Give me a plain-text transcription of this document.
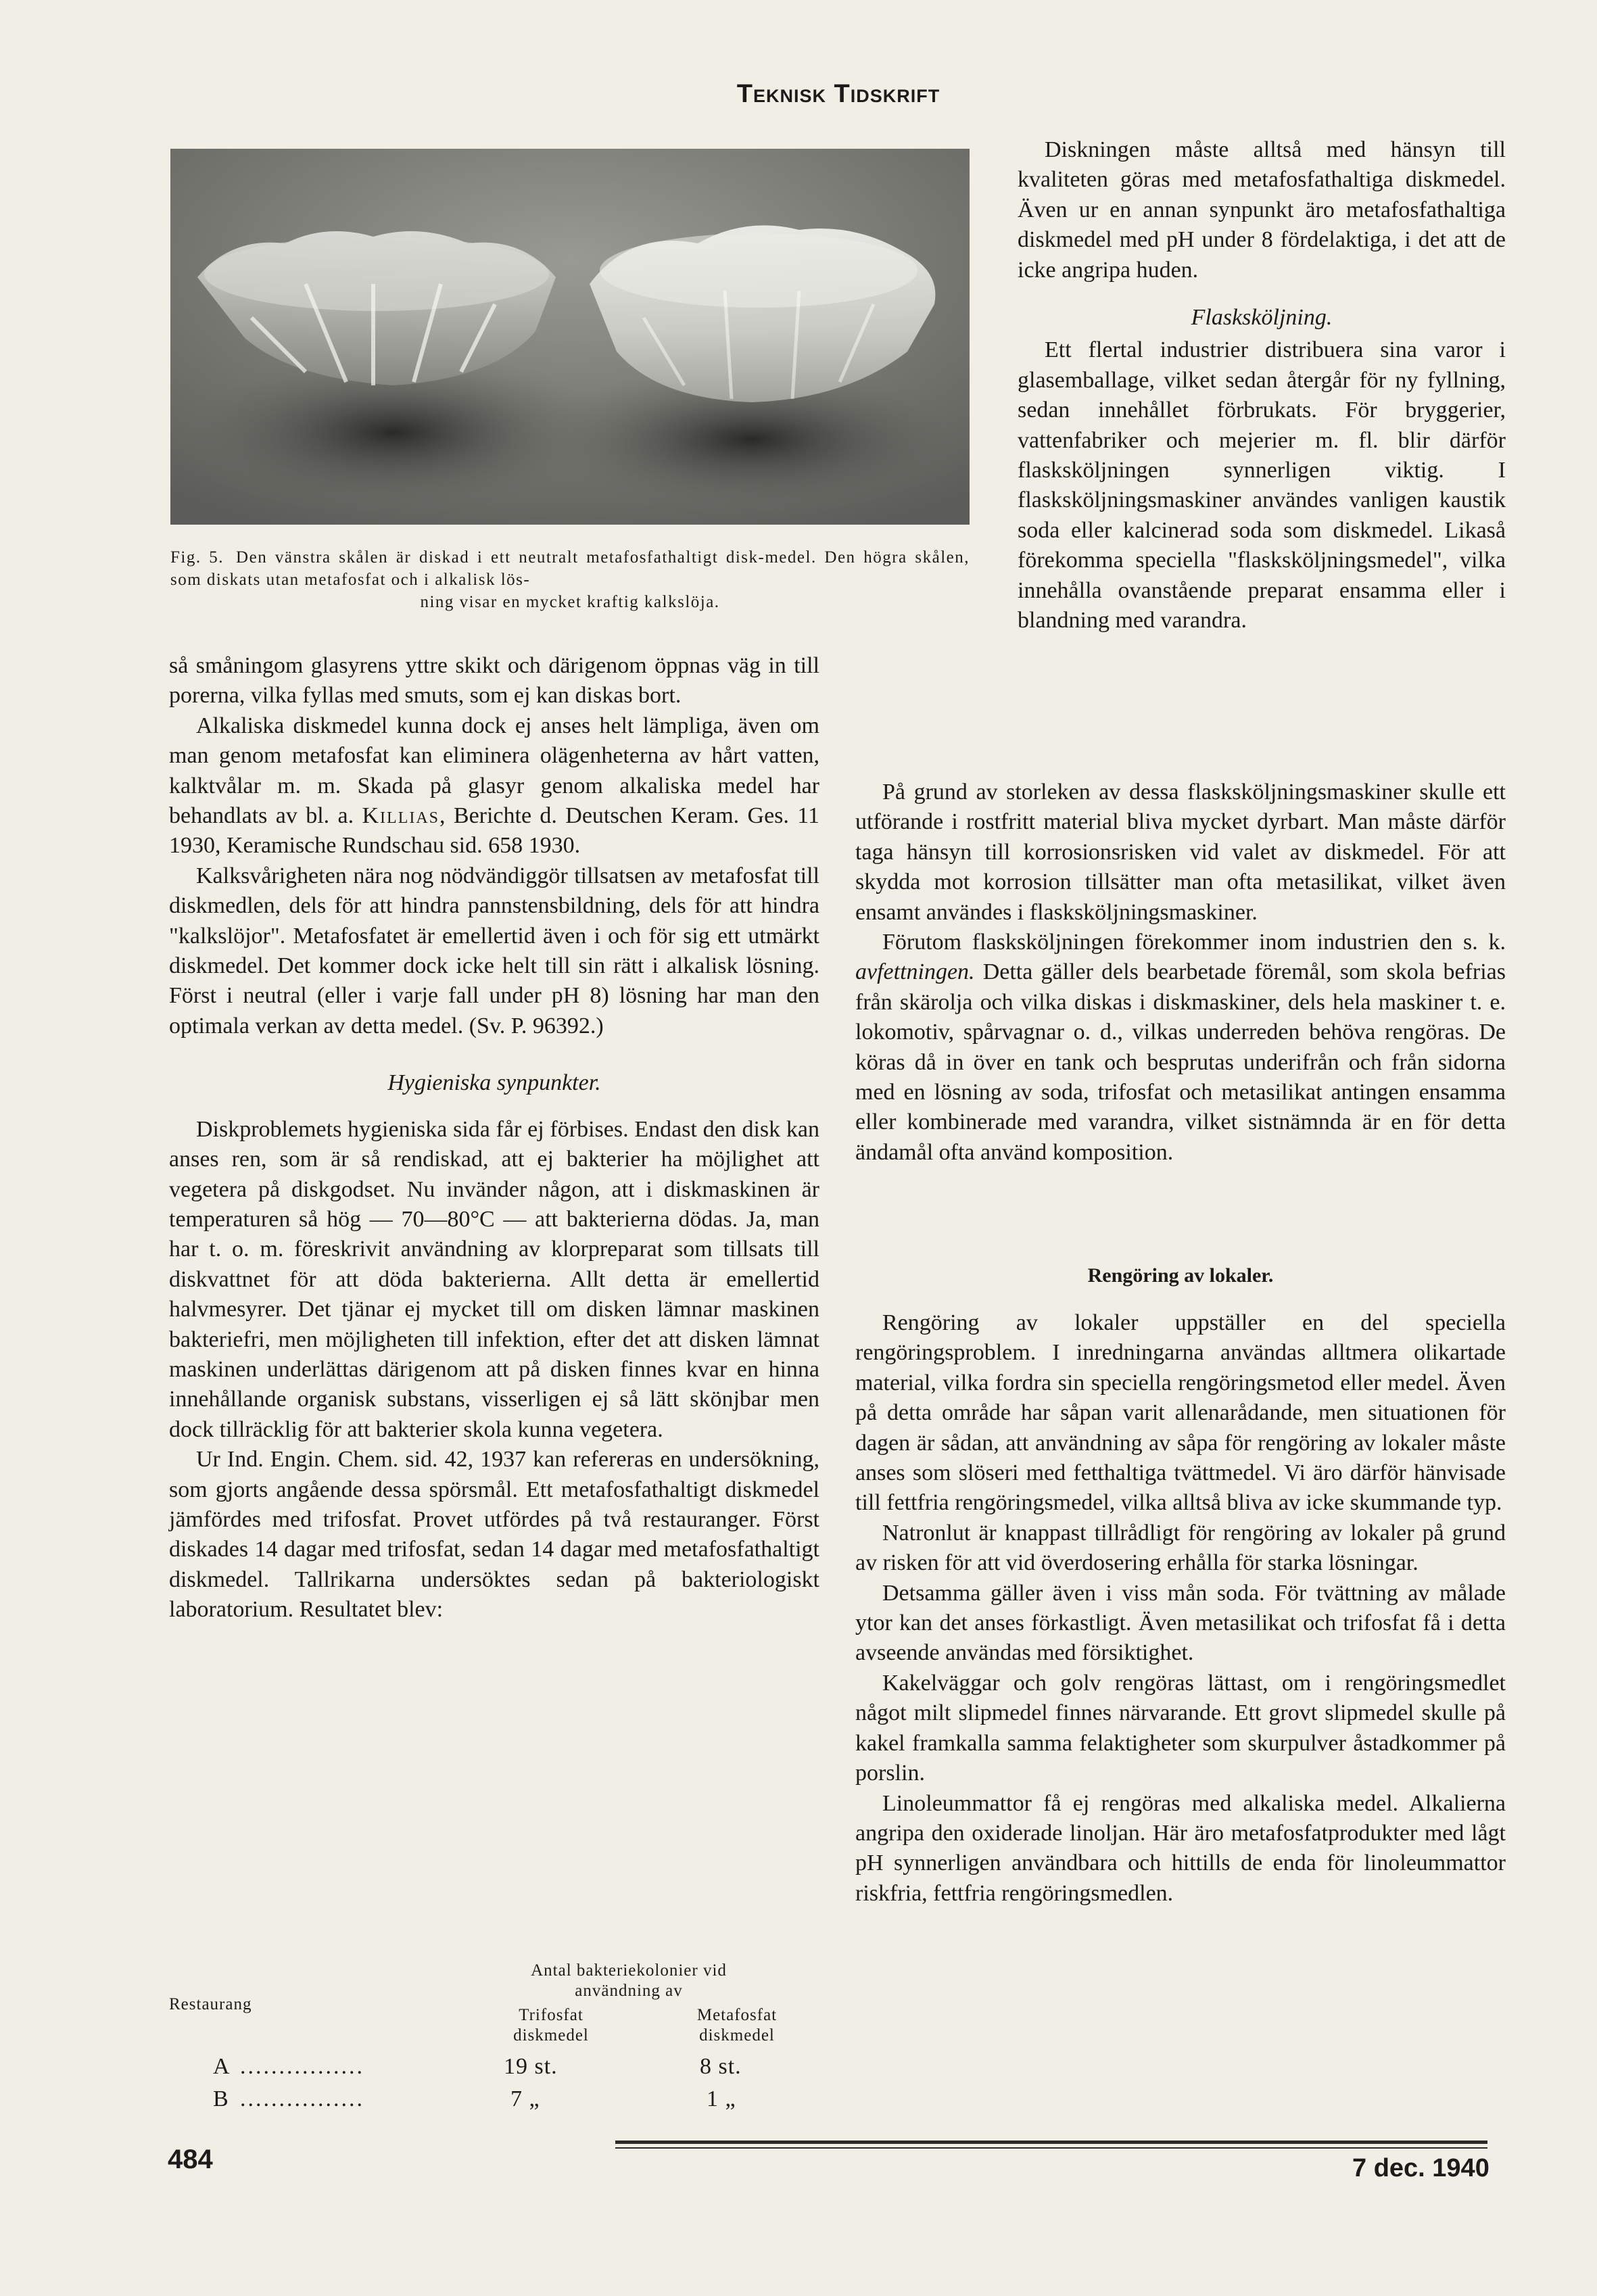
Teknisk Tidskrift
Fig. 5. Den vänstra skålen är diskad i ett neutralt metafosfathaltigt disk-medel. Den högra skålen, som diskats utan metafosfat och i alkalisk lös-
ning visar en mycket kraftig kalkslöja.

så småningom glasyrens yttre skikt och därigenom öppnas väg in till porerna, vilka fyllas med smuts, som ej kan diskas bort.

Alkaliska diskmedel kunna dock ej anses helt lämpliga, även om man genom metafosfat kan eliminera olägenheterna av hårt vatten, kalktvålar m. m. Skada på glasyr genom alkaliska medel har behandlats av bl. a. Killias, Berichte d. Deutschen Keram. Ges. 11 1930, Keramische Rundschau sid. 658 1930.

Kalksvårigheten nära nog nödvändiggör tillsatsen av metafosfat till diskmedlen, dels för att hindra pannstensbildning, dels för att hindra "kalkslöjor". Metafosfatet är emellertid även i och för sig ett utmärkt diskmedel. Det kommer dock icke helt till sin rätt i alkalisk lösning. Först i neutral (eller i varje fall under pH 8) lösning har man den optimala verkan av detta medel. (Sv. P. 96392.)

Hygieniska synpunkter.

Diskproblemets hygieniska sida får ej förbises. Endast den disk kan anses ren, som är så rendiskad, att ej bakterier ha möjlighet att vegetera på diskgodset. Nu invänder någon, att i diskmaskinen är temperaturen så hög — 70—80°C — att bakterierna dödas. Ja, man har t. o. m. föreskrivit användning av klorpreparat som tillsats till diskvattnet för att döda bakterierna. Allt detta är emellertid halvmesyrer. Det tjänar ej mycket till om disken lämnar maskinen bakteriefri, men möjligheten till infektion, efter det att disken lämnat maskinen underlättas därigenom att på disken finnes kvar en hinna innehållande organisk substans, visserligen ej så lätt skönjbar men dock tillräcklig för att bakterier skola kunna vegetera.

Ur Ind. Engin. Chem. sid. 42, 1937 kan refereras en undersökning, som gjorts angående dessa spörsmål. Ett metafosfathaltigt diskmedel jämfördes med trifosfat. Provet utfördes på två restauranger. Först diskades 14 dagar med trifosfat, sedan 14 dagar med metafosfathaltigt diskmedel. Tallrikarna undersöktes sedan på bakteriologiskt laboratorium. Resultatet blev:

Restaurang
Antal bakteriekolonier vid
användning av
Trifosfat
diskmedel
Metafosfat
diskmedel
A ................	19 st.	8 st.
B ................	7 „	1 „

Diskningen måste alltså med hänsyn till kvaliteten göras med metafosfathaltiga diskmedel. Även ur en annan synpunkt äro metafosfathaltiga diskmedel med pH under 8 fördelaktiga, i det att de icke angripa huden.

Flasksköljning.

Ett flertal industrier distribuera sina varor i glasemballage, vilket sedan återgår för ny fyllning, sedan innehållet förbrukats. För bryggerier, vattenfabriker och mejerier m. fl. blir därför flaskskölјningen synnerligen viktig. I flaskskölјningsmaskiner användes vanligen kaustik soda eller kalcinerad soda som diskmedel. Likaså förekomma speciella "flaskskölјningsmedel", vilka innehålla ovanstående preparat ensamma eller i blandning med varandra.

På grund av storleken av dessa flaskskölјningsmaskiner skulle ett utförande i rostfritt material bliva mycket dyrbart. Man måste därför taga hänsyn till korrosionsrisken vid valet av diskmedel. För att skydda mot korrosion tillsätter man ofta metasilikat, vilket även ensamt användes i flaskskölјningsmaskiner.

Förutom flaskskölјningen förekommer inom industrien den s. k. avfettningen. Detta gäller dels bearbetade föremål, som skola befrias från skärolja och vilka diskas i diskmaskiner, dels hela maskiner t. e. lokomotiv, spårvagnar o. d., vilkas underreden behöva rengöras. De köras då in över en tank och besprutas underifrån och från sidorna med en lösning av soda, trifosfat och metasilikat antingen ensamma eller kombinerade med varandra, vilket sistnämnda är en för detta ändamål ofta använd komposition.

Rengöring av lokaler.

Rengöring av lokaler uppställer en del speciella rengöringsproblem. I inredningarna användas alltmera olikartade material, vilka fordra sin speciella rengöringsmetod eller medel. Även på detta område har såpan varit allenarådande, men situationen för dagen är sådan, att användning av såpa för rengöring av lokaler måste anses som slöseri med fetthaltiga tvättmedel. Vi äro därför hänvisade till fettfria rengöringsmedel, vilka alltså bliva av icke skummande typ.

Natronlut är knappast tillrådligt för rengöring av lokaler på grund av risken för att vid överdosering erhålla för starka lösningar.

Detsamma gäller även i viss mån soda. För tvättning av målade ytor kan det anses förkastligt. Även metasilikat och trifosfat få i detta avseende användas med försiktighet.

Kakelväggar och golv rengöras lättast, om i rengöringsmedlet något milt slipmedel finnes närvarande. Ett grovt slipmedel skulle på kakel framkalla samma felaktigheter som skurpulver åstadkommer på porslin.

Linoleummattor få ej rengöras med alkaliska medel. Alkalierna angripa den oxiderade linoljan. Här äro metafosfatprodukter med lågt pH synnerligen användbara och hittills de enda för linoleummattor riskfria, fettfria rengöringsmedlen.

484	7 dec. 1940
